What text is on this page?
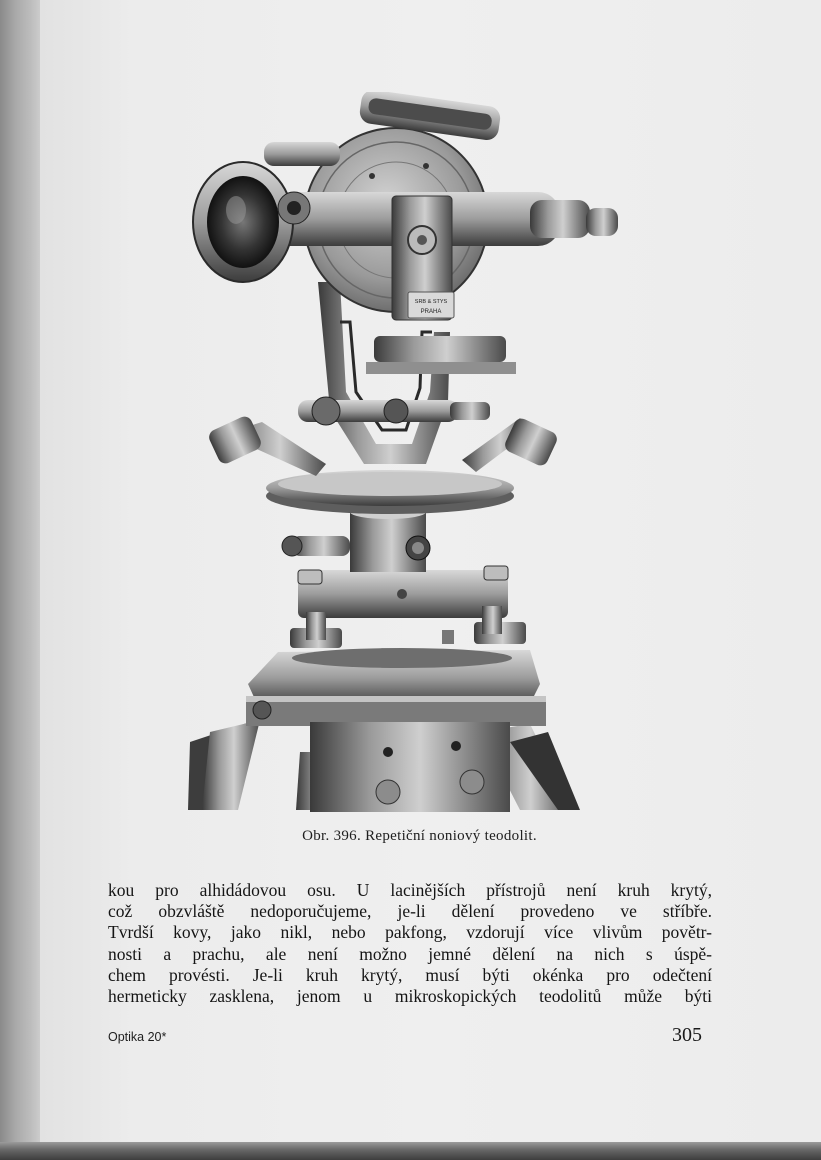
SRB & STYS
PRAHA
Obr. 396. Repetiční noniový teodolit.
kou pro alhidádovou osu. U lacinějších přístrojů není kruh krytý,
což obzvláště nedoporučujeme, je-li dělení provedeno ve stříbře.
Tvrdší kovy, jako nikl, nebo pakfong, vzdorují více vlivům povětr-
nosti a prachu, ale není možno jemné dělení na nich s úspě-
chem provésti. Je-li kruh krytý, musí býti okénka pro odečtení
hermeticky zasklena, jenom u mikroskopických teodolitů může býti
Optika 20*	305
